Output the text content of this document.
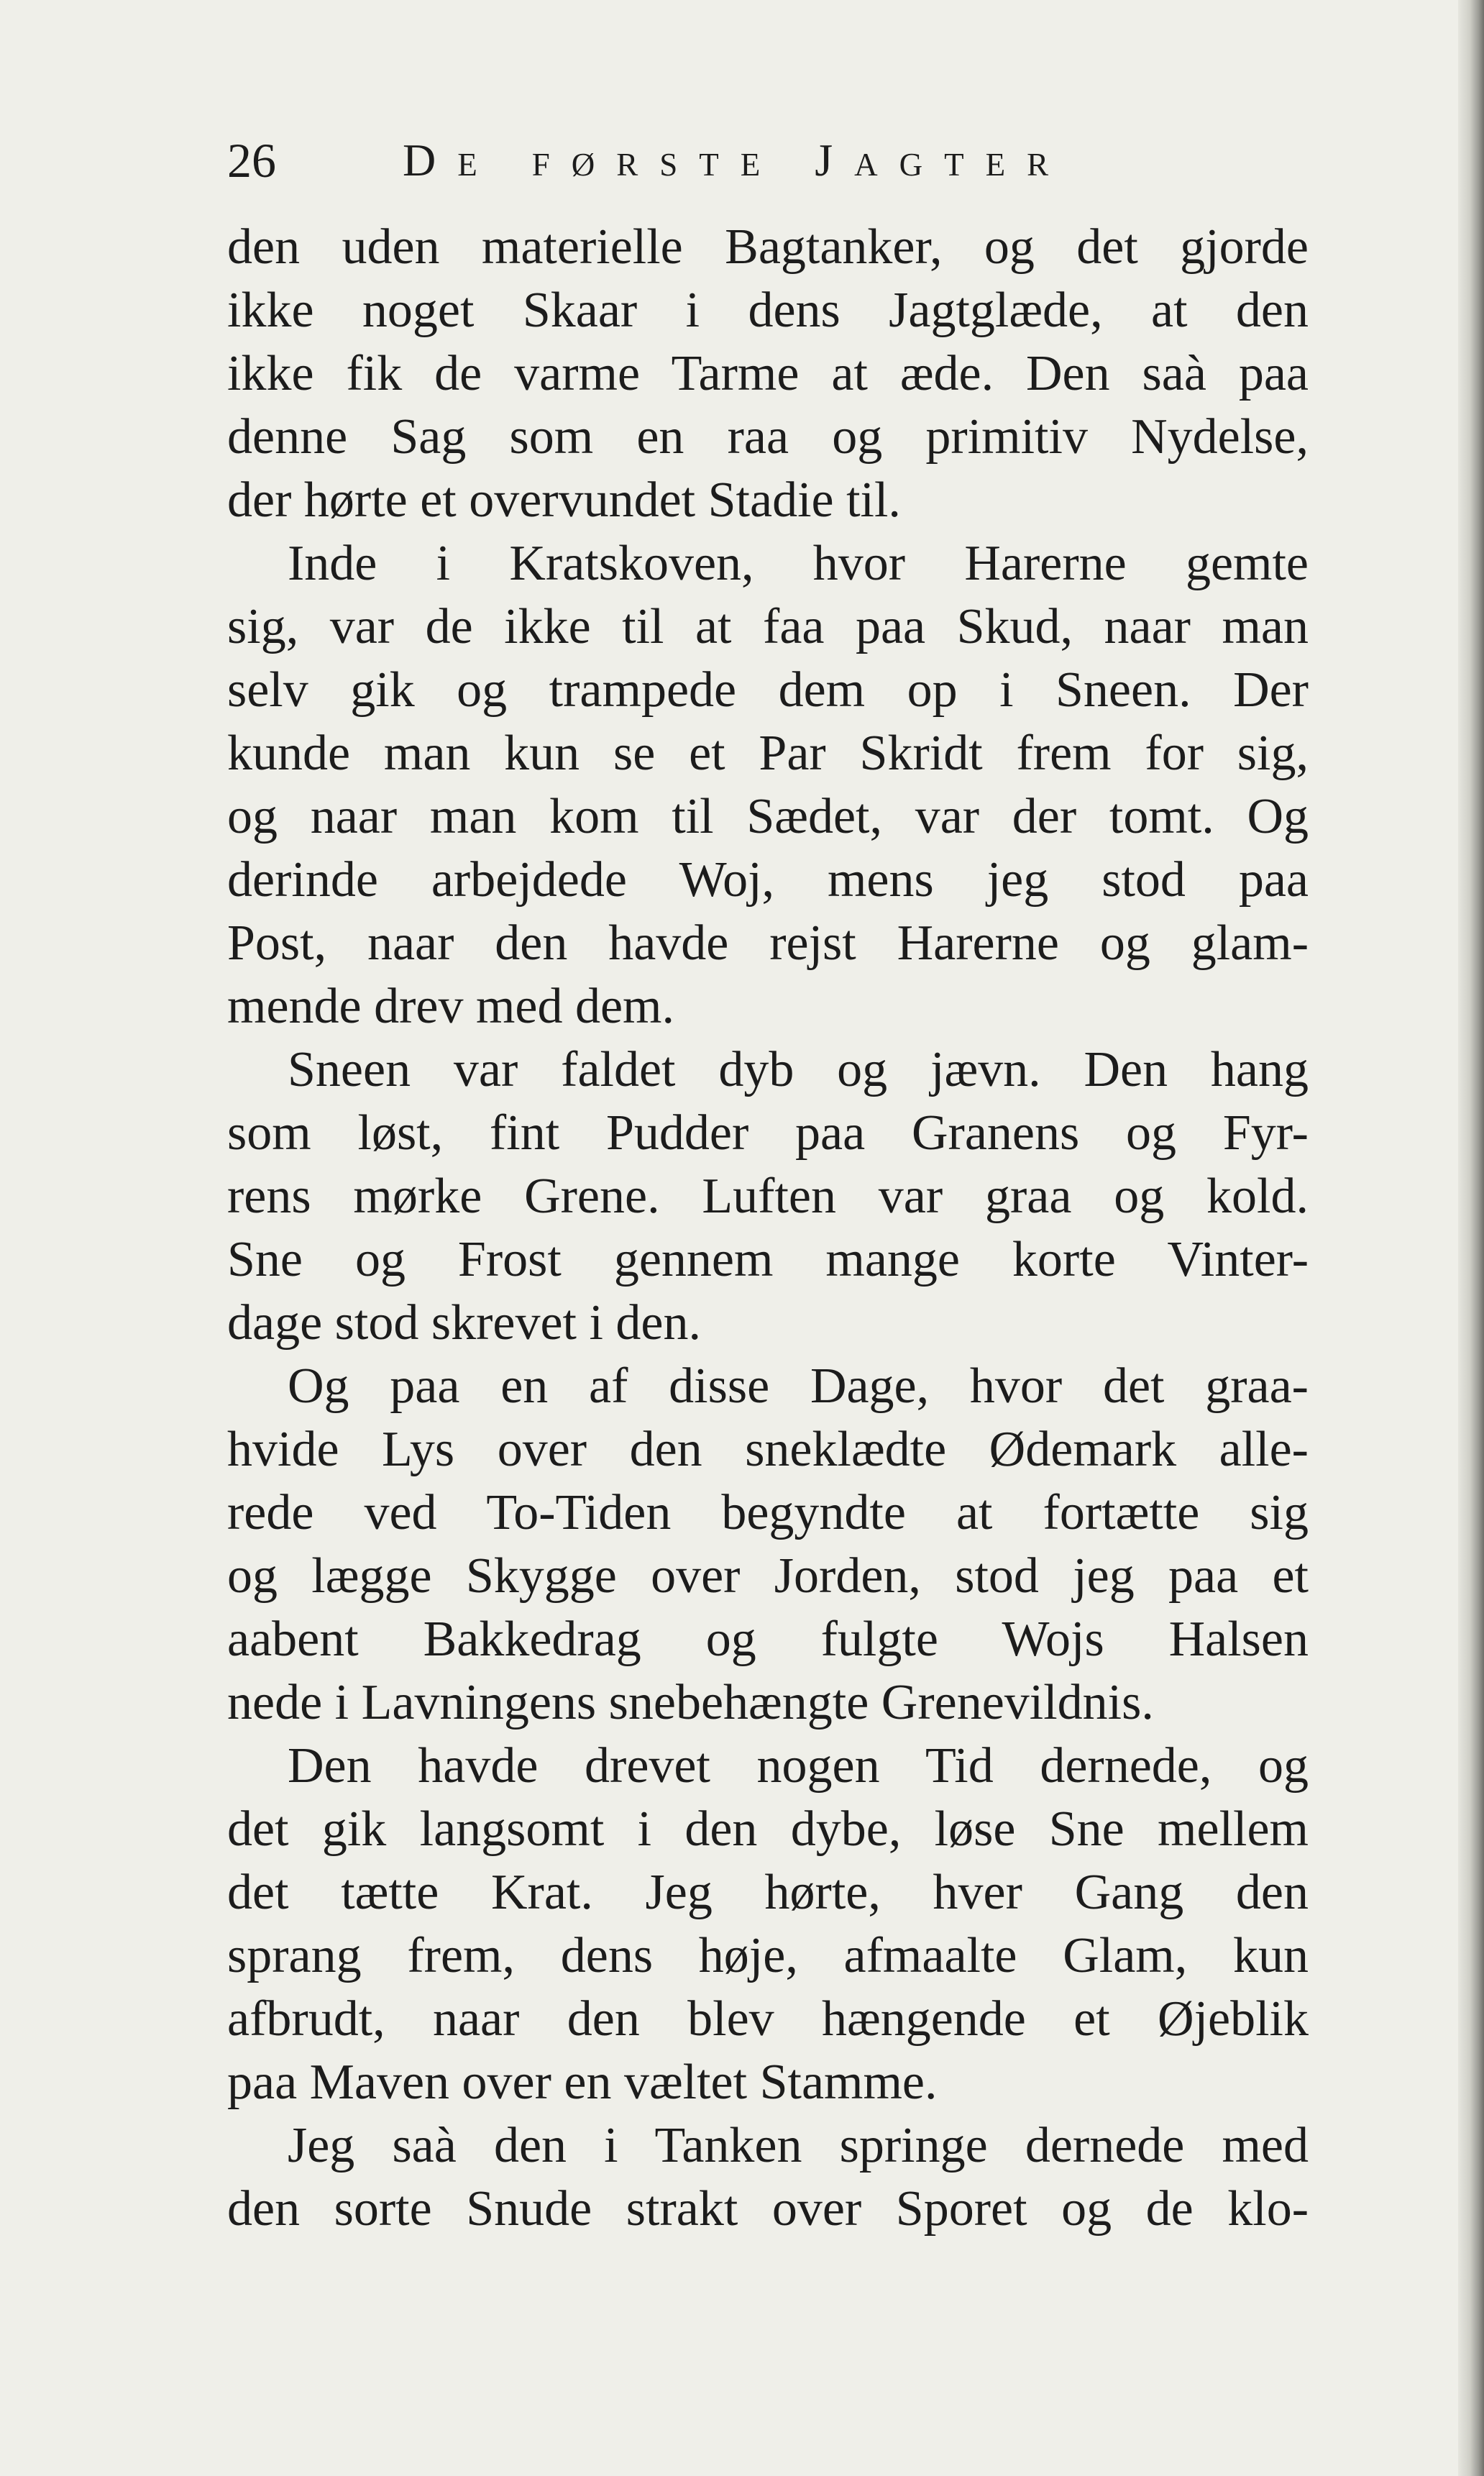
26	De første Jagter
den uden materielle Bagtanker, og det gjorde
ikke noget Skaar i dens Jagtglæde, at den
ikke fik de varme Tarme at æde. Den saà paa
denne Sag som en raa og primitiv Nydelse,
der hørte et overvundet Stadie til.
Inde i Kratskoven, hvor Harerne gemte
sig, var de ikke til at faa paa Skud, naar man
selv gik og trampede dem op i Sneen. Der
kunde man kun se et Par Skridt frem for sig,
og naar man kom til Sædet, var der tomt. Og
derinde arbejdede Woj, mens jeg stod paa
Post, naar den havde rejst Harerne og glam-
mende drev med dem.
Sneen var faldet dyb og jævn. Den hang
som løst, fint Pudder paa Granens og Fyr-
rens mørke Grene. Luften var graa og kold.
Sne og Frost gennem mange korte Vinter-
dage stod skrevet i den.
Og paa en af disse Dage, hvor det graa-
hvide Lys over den sneklædte Ødemark alle-
rede ved To-Tiden begyndte at fortætte sig
og lægge Skygge over Jorden, stod jeg paa et
aabent Bakkedrag og fulgte Wojs Halsen
nede i Lavningens snebehængte Grenevildnis.
Den havde drevet nogen Tid dernede, og
det gik langsomt i den dybe, løse Sne mellem
det tætte Krat. Jeg hørte, hver Gang den
sprang frem, dens høje, afmaalte Glam, kun
afbrudt, naar den blev hængende et Øjeblik
paa Maven over en væltet Stamme.
Jeg saà den i Tanken springe dernede med
den sorte Snude strakt over Sporet og de klo-
